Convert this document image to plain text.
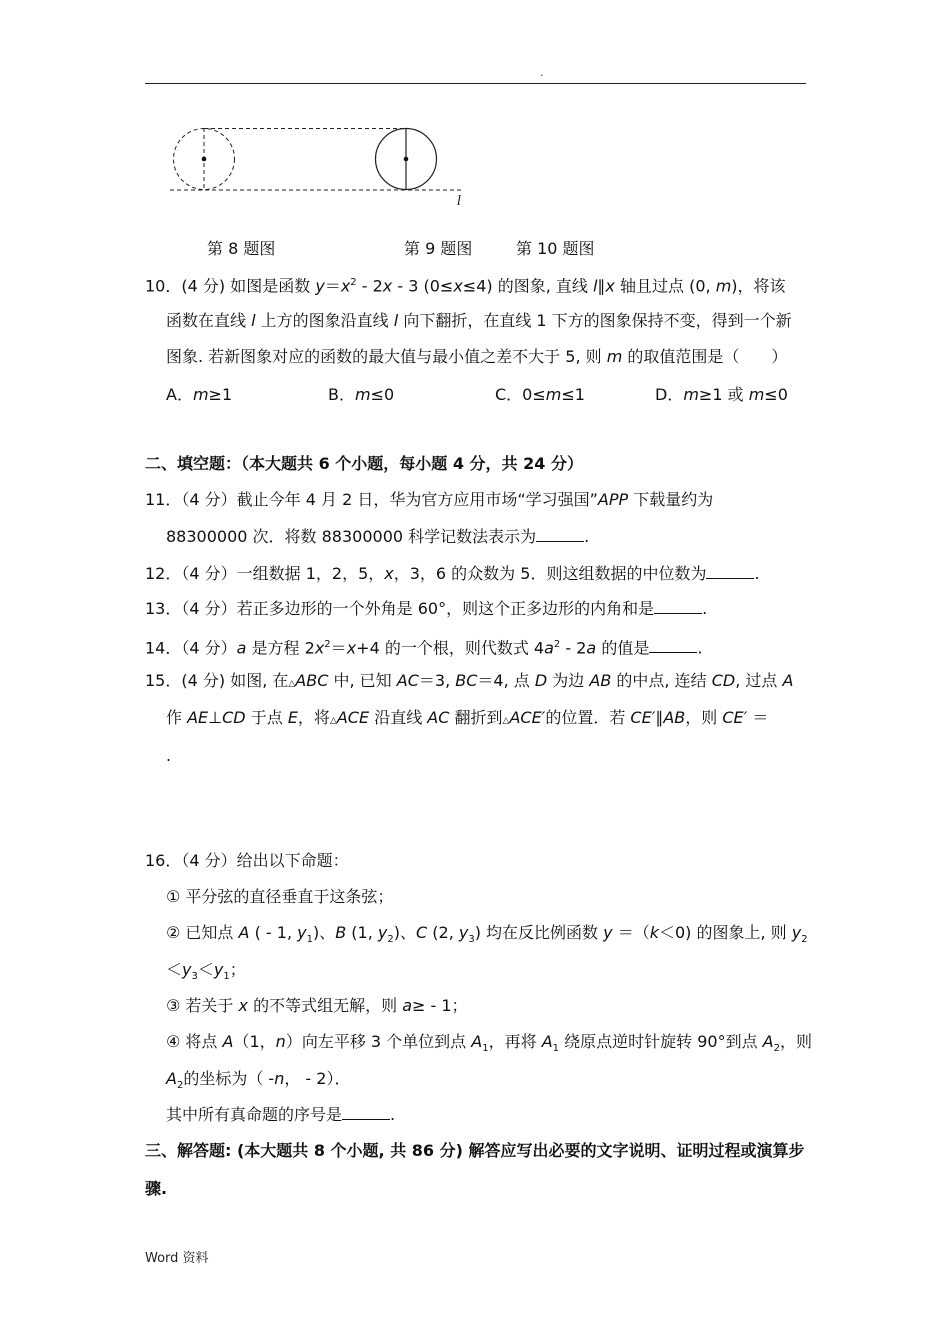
.
l
第 8 题图	第 9 题图	第 10 题图
10．(4 分) 如图是函数 $y=x^2 - 2x - 3$ (0≤x≤4) 的图象, 直线 l∥x 轴且过点 (0, m)，将该
函数在直线 l 上方的图象沿直线 l 向下翻折，在直线 1 下方的图象保持不变，得到一个新
图象. 若新图象对应的函数的最大值与最小值之差不大于 5, 则 m 的取值范围是（　　）
A．m≥1	B．m≤0	C．0≤m≤1	D．m≥1 或 m≤0
二、填空题：（本大题共 6 个小题，每小题 4 分，共 24 分）
11．（4 分）截止今年 4 月 2 日，华为官方应用市场“学习强国”APP 下载量约为
88300000 次．将数 88300000 科学记数法表示为	.
12．（4 分）一组数据 1，2，5，x，3，6 的众数为 5．则这组数据的中位数为	.
13．（4 分）若正多边形的一个外角是 60°，则这个正多边形的内角和是	.
14．（4 分）a 是方程 $2x^2=x+4$ 的一个根，则代数式 $4a^2 - 2a$ 的值是	.
15．(4 分) 如图, 在△ABC 中, 已知 AC＝3, BC＝4, 点 D 为边 AB 的中点, 连结 CD, 过点 A
作 AE⊥CD 于点 E，将△ACE 沿直线 AC 翻折到△ACE′的位置．若 CE′∥AB，则 CE′ ＝
.
16．（4 分）给出以下命题：
① 平分弦的直径垂直于这条弦；
② 已知点 A ( - 1, $y_1$)、B (1, $y_2$)、C (2, $y_3$) 均在反比例函数 y ＝（k＜0) 的图象上, 则 $y_2$
$<y_3<y_1$；
③ 若关于 x 的不等式组无解，则 a≥ - 1；
④ 将点 A（1，n）向左平移 3 个单位到点 $A_1$，再将 $A_1$ 绕原点逆时针旋转 90°到点 $A_2$，则
$A_2$的坐标为（ -n， - 2）．
其中所有真命题的序号是	.
三、解答题: (本大题共 8 个小题, 共 86 分) 解答应写出必要的文字说明、证明过程或演算步
骤.
Word 资料
